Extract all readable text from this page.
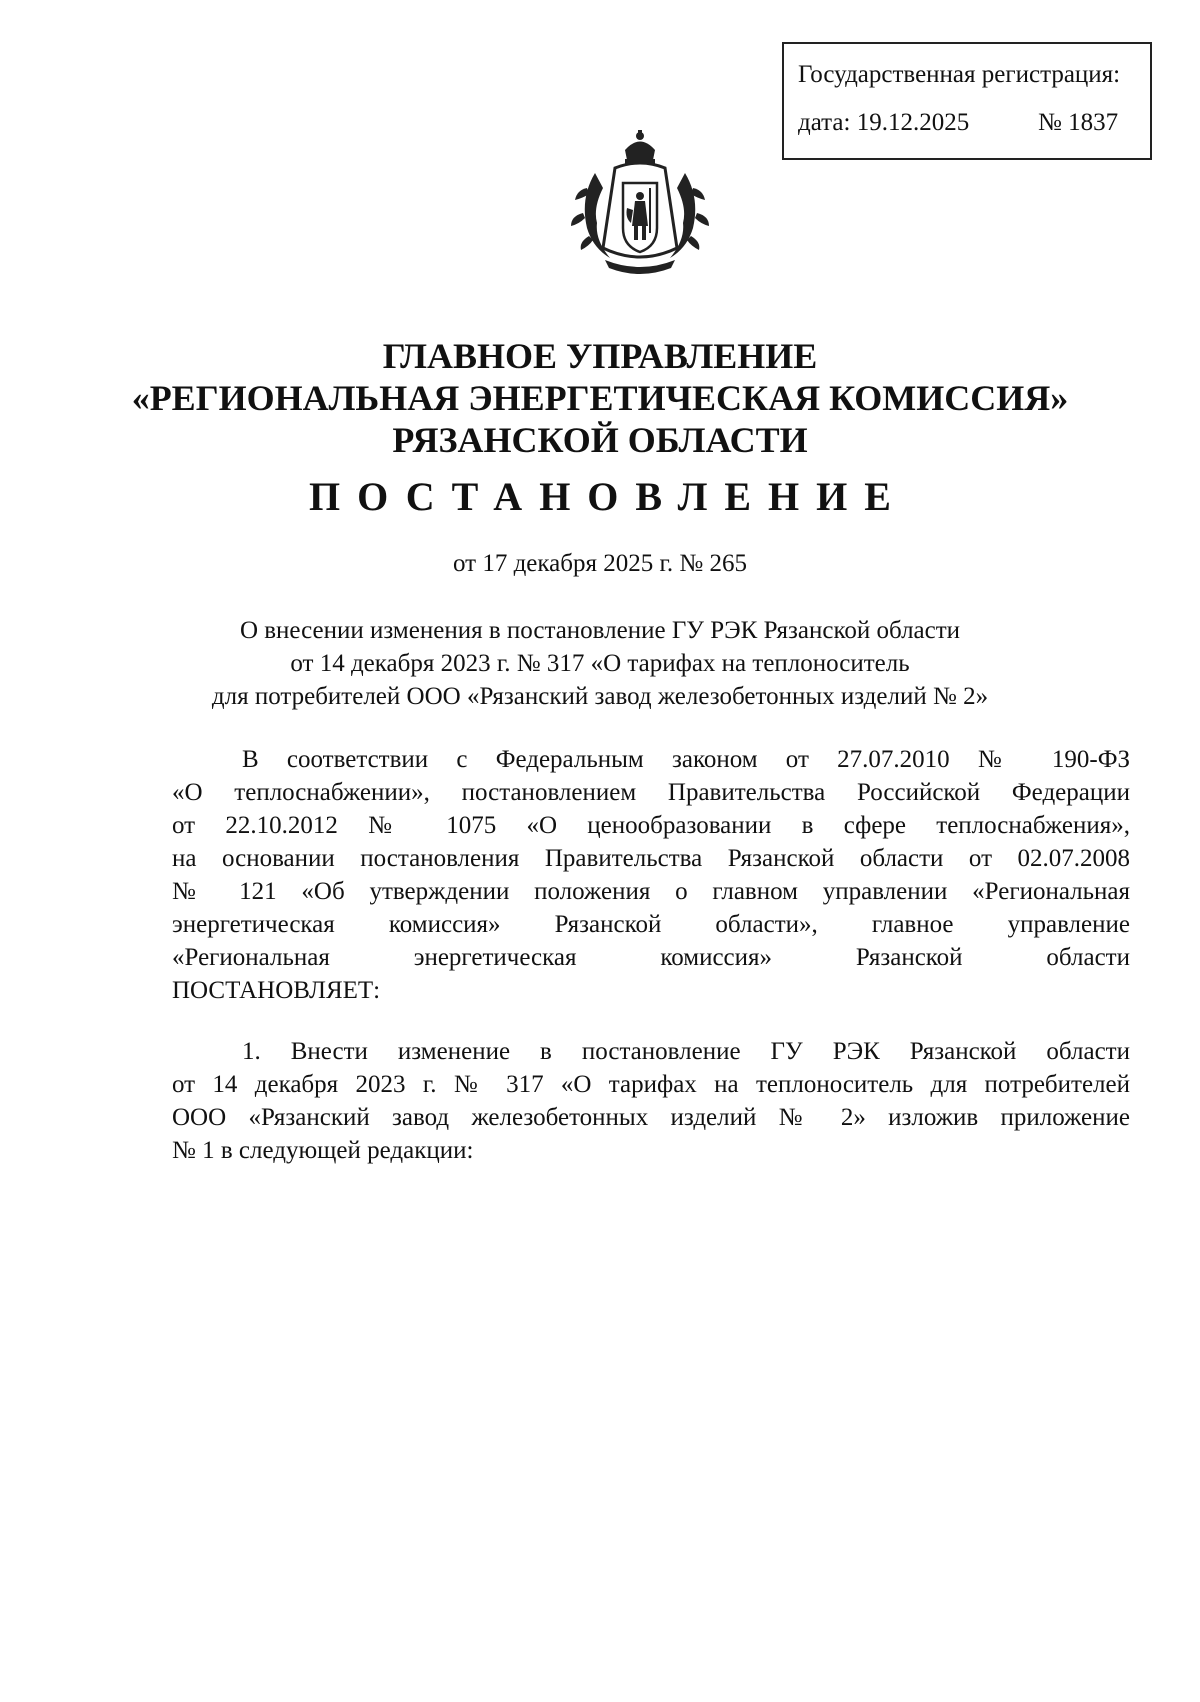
Государственная регистрация:
дата: 19.12.2025	№ 1837
ГЛАВНОЕ УПРАВЛЕНИЕ
«РЕГИОНАЛЬНАЯ ЭНЕРГЕТИЧЕСКАЯ КОМИССИЯ»
РЯЗАНСКОЙ ОБЛАСТИ
ПОСТАНОВЛЕНИЕ
от 17 декабря 2025 г. № 265
О внесении изменения в постановление ГУ РЭК Рязанской области
от 14 декабря 2023 г. № 317 «О тарифах на теплоноситель
для потребителей ООО «Рязанский завод железобетонных изделий № 2»
В соответствии с Федеральным законом от 27.07.2010 № 190-ФЗ
«О теплоснабжении», постановлением Правительства Российской Федерации
от 22.10.2012 № 1075 «О ценообразовании в сфере теплоснабжения»,
на основании постановления Правительства Рязанской области от 02.07.2008
№ 121 «Об утверждении положения о главном управлении «Региональная
энергетическая комиссия» Рязанской области», главное управление
«Региональная энергетическая комиссия» Рязанской области
ПОСТАНОВЛЯЕТ:
1. Внести изменение в постановление ГУ РЭК Рязанской области
от 14 декабря 2023 г. № 317 «О тарифах на теплоноситель для потребителей
ООО «Рязанский завод железобетонных изделий № 2» изложив приложение
№ 1 в следующей редакции:
